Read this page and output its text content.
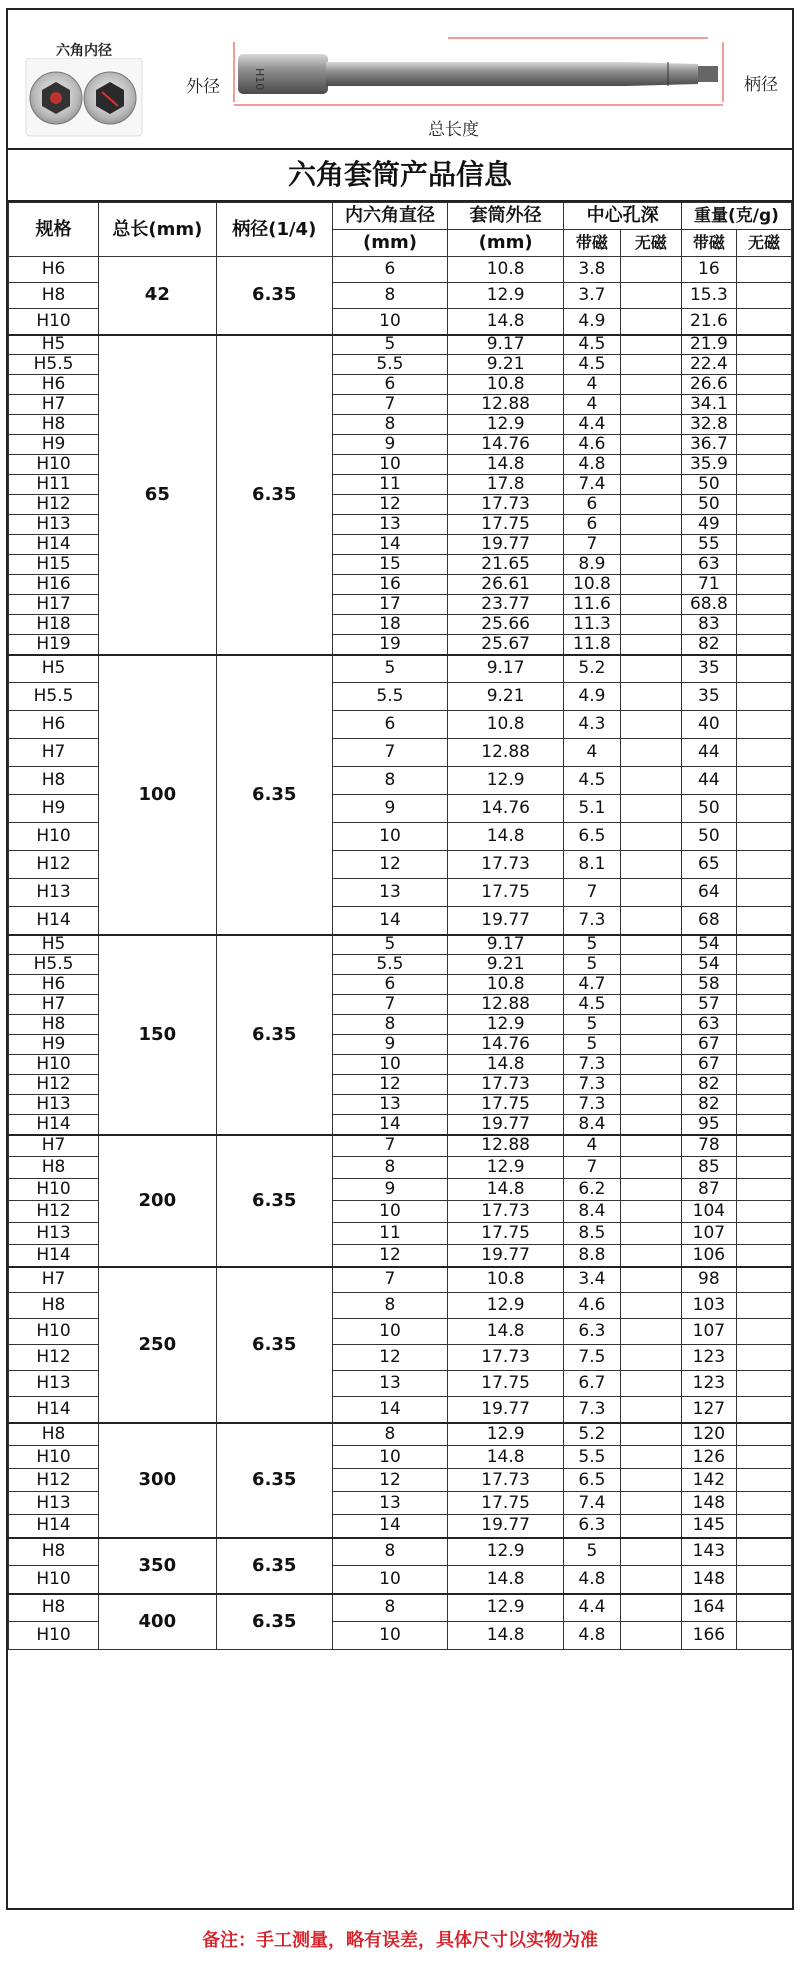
六角内径
外径	柄径
总长度
H10
六角套筒产品信息
规格	总长(mm)	柄径(1/4)	内六角直径	套筒外径	中心孔深		重量(克/g)	
			(mm)	(mm)	带磁	无磁	带磁	无磁
H6	42	6.35	6	10.8	3.8		16	
H8			8	12.9	3.7		15.3	
H10			10	14.8	4.9		21.6	
H5	65	6.35	5	9.17	4.5		21.9	
H5.5			5.5	9.21	4.5		22.4	
H6			6	10.8	4		26.6	
H7			7	12.88	4		34.1	
H8			8	12.9	4.4		32.8	
H9			9	14.76	4.6		36.7	
H10			10	14.8	4.8		35.9	
H11			11	17.8	7.4		50	
H12			12	17.73	6		50	
H13			13	17.75	6		49	
H14			14	19.77	7		55	
H15			15	21.65	8.9		63	
H16			16	26.61	10.8		71	
H17			17	23.77	11.6		68.8	
H18			18	25.66	11.3		83	
H19			19	25.67	11.8		82	
H5	100	6.35	5	9.17	5.2		35	
H5.5			5.5	9.21	4.9		35	
H6			6	10.8	4.3		40	
H7			7	12.88	4		44	
H8			8	12.9	4.5		44	
H9			9	14.76	5.1		50	
H10			10	14.8	6.5		50	
H12			12	17.73	8.1		65	
H13			13	17.75	7		64	
H14			14	19.77	7.3		68	
H5	150	6.35	5	9.17	5		54	
H5.5			5.5	9.21	5		54	
H6			6	10.8	4.7		58	
H7			7	12.88	4.5		57	
H8			8	12.9	5		63	
H9			9	14.76	5		67	
H10			10	14.8	7.3		67	
H12			12	17.73	7.3		82	
H13			13	17.75	7.3		82	
H14			14	19.77	8.4		95	
H7	200	6.35	7	12.88	4		78	
H8			8	12.9	7		85	
H10			9	14.8	6.2		87	
H12			10	17.73	8.4		104	
H13			11	17.75	8.5		107	
H14			12	19.77	8.8		106	
H7	250	6.35	7	10.8	3.4		98	
H8			8	12.9	4.6		103	
H10			10	14.8	6.3		107	
H12			12	17.73	7.5		123	
H13			13	17.75	6.7		123	
H14			14	19.77	7.3		127	
H8	300	6.35	8	12.9	5.2		120	
H10			10	14.8	5.5		126	
H12			12	17.73	6.5		142	
H13			13	17.75	7.4		148	
H14			14	19.77	6.3		145	
H8	350	6.35	8	12.9	5		143	
H10			10	14.8	4.8		148	
H8	400	6.35	8	12.9	4.4		164	
H10			10	14.8	4.8		166	
备注：手工测量，略有误差，具体尺寸以实物为准
